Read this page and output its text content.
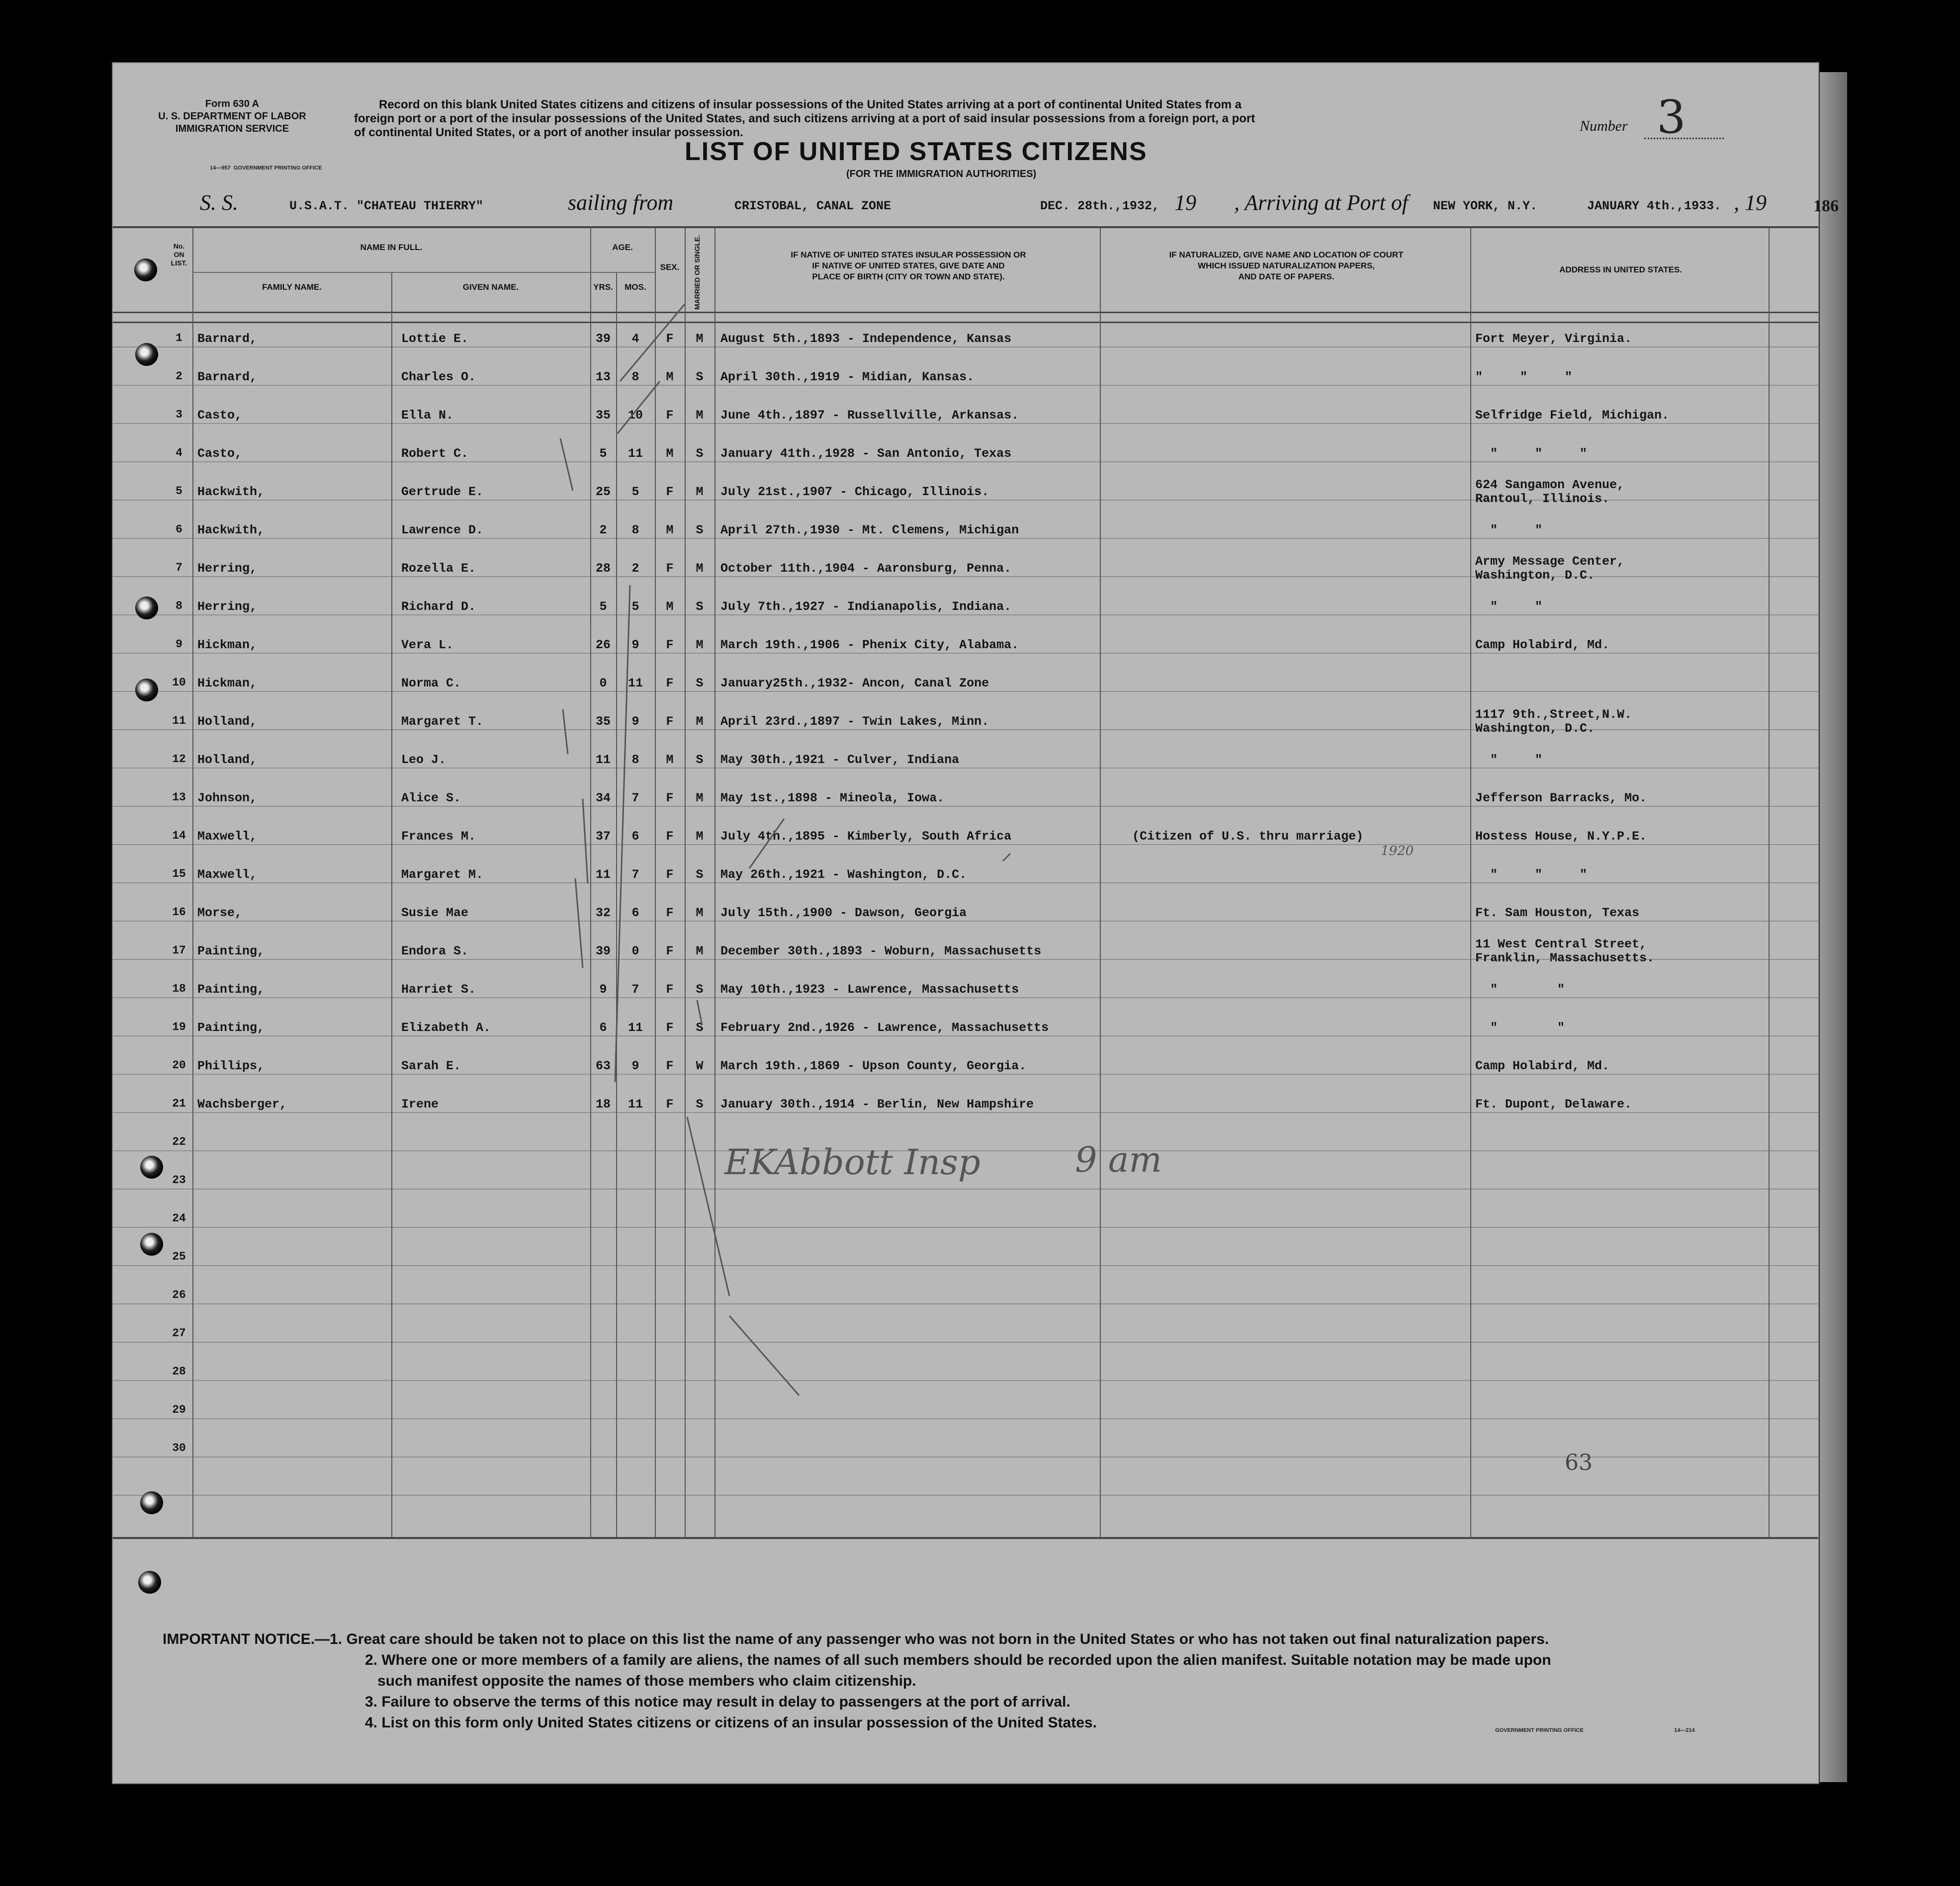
Form 630 A
U. S. DEPARTMENT OF LABOR
IMMIGRATION SERVICE
14—957 GOVERNMENT PRINTING OFFICE
Record on this blank United States citizens and citizens of insular possessions of the United States arriving at a port of continental United States from a
foreign port or a port of the insular possessions of the United States, and such citizens arriving at a port of said insular possessions from a foreign port, a port
of continental United States, or a port of another insular possession.
LIST OF UNITED STATES CITIZENS
(FOR THE IMMIGRATION AUTHORITIES)
Number 3
S. S.	U.S.A.T. "CHATEAU THIERRY"	sailing from	CRISTOBAL, CANAL ZONE	DEC. 28th.,1932, 19 , Arriving at Port of NEW YORK, N.Y.	JANUARY 4th.,1933. , 19	186
No.
ON
LIST.
NAME IN FULL.
FAMILY NAME.	GIVEN NAME.
AGE.
YRS.	MOS.
SEX.	MARRIED OR SINGLE.	IF NATIVE OF UNITED STATES INSULAR POSSESSION OR
IF NATIVE OF UNITED STATES, GIVE DATE AND
PLACE OF BIRTH (CITY OR TOWN AND STATE).
IF NATURALIZED, GIVE NAME AND LOCATION OF COURT
WHICH ISSUED NATURALIZATION PAPERS,
AND DATE OF PAPERS.
ADDRESS IN UNITED STATES.
1	Barnard,	Lottie E.	39	4	F	M	August 5th.,1893 - Independence, Kansas	Fort Meyer, Virginia.
2	Barnard,	Charles O.	13	8	M	S	April 30th.,1919 - Midian, Kansas.	"     "     "
3	Casto,	Ella N.	35	10	F	M	June 4th.,1897 - Russellville, Arkansas.	Selfridge Field, Michigan.
4	Casto,	Robert C.	5	11	M	S	January 41th.,1928 - San Antonio, Texas	"     "     "
5	Hackwith,	Gertrude E.	25	5	F	M	July 21st.,1907 - Chicago, Illinois.	624 Sangamon Avenue,
Rantoul, Illinois.
6	Hackwith,	Lawrence D.	2	8	M	S	April 27th.,1930 - Mt. Clemens, Michigan	"     "
7	Herring,	Rozella E.	28	2	F	M	October 11th.,1904 - Aaronsburg, Penna.	Army Message Center,
Washington, D.C.
8	Herring,	Richard D.	5	5	M	S	July 7th.,1927 - Indianapolis, Indiana.	"     "
9	Hickman,	Vera L.	26	9	F	M	March 19th.,1906 - Phenix City, Alabama.	Camp Holabird, Md.
10 Hickman,	Norma C.	0	11	F	S	January25th.,1932- Ancon, Canal Zone
11 Holland,	Margaret T.	35	9	F	M	April 23rd.,1897 - Twin Lakes, Minn.	1117 9th.,Street,N.W.
Washington, D.C.
12 Holland,	Leo J.	11	8	M	S	May 30th.,1921 - Culver, Indiana	"     "
13 Johnson,	Alice S.	34	7	F	M	May 1st.,1898 - Mineola, Iowa.	Jefferson Barracks, Mo.
14 Maxwell,	Frances M.	37	6	F	M	July 4th.,1895 - Kimberly, South Africa	(Citizen of U.S. thru marriage)	Hostess House, N.Y.P.E.
15 Maxwell,	Margaret M.	11	7	F	S	May 26th.,1921 - Washington, D.C.	"     "     "
16 Morse,	Susie Mae	32	6	F	M	July 15th.,1900 - Dawson, Georgia	Ft. Sam Houston, Texas
17 Painting,	Endora S.	39	0	F	M	December 30th.,1893 - Woburn, Massachusetts	11 West Central Street,
Franklin, Massachusetts.
18 Painting,	Harriet S.	9	7	F	S	May 10th.,1923 - Lawrence, Massachusetts	"        "
19 Painting,	Elizabeth A.	6	11	F	S	February 2nd.,1926 - Lawrence, Massachusetts	"        "
20 Phillips,	Sarah E.	63	9	F	W	March 19th.,1869 - Upson County, Georgia.	Camp Holabird, Md.
21 Wachsberger,	Irene	18	11	F	S	January 30th.,1914 - Berlin, New Hampshire	Ft. Dupont, Delaware.
22
23
24
25
26
27
28
29
30
EKAbbott Insp	9 am
63
1920
IMPORTANT NOTICE.—1. Great care should be taken not to place on this list the name of any passenger who was not born in the United States or who has not taken out final naturalization papers.
2. Where one or more members of a family are aliens, the names of all such members should be recorded upon the alien manifest. Suitable notation may be made upon
such manifest opposite the names of those members who claim citizenship.
3. Failure to observe the terms of this notice may result in delay to passengers at the port of arrival.
4. List on this form only United States citizens or citizens of an insular possession of the United States.	GOVERNMENT PRINTING OFFICE	14—214
